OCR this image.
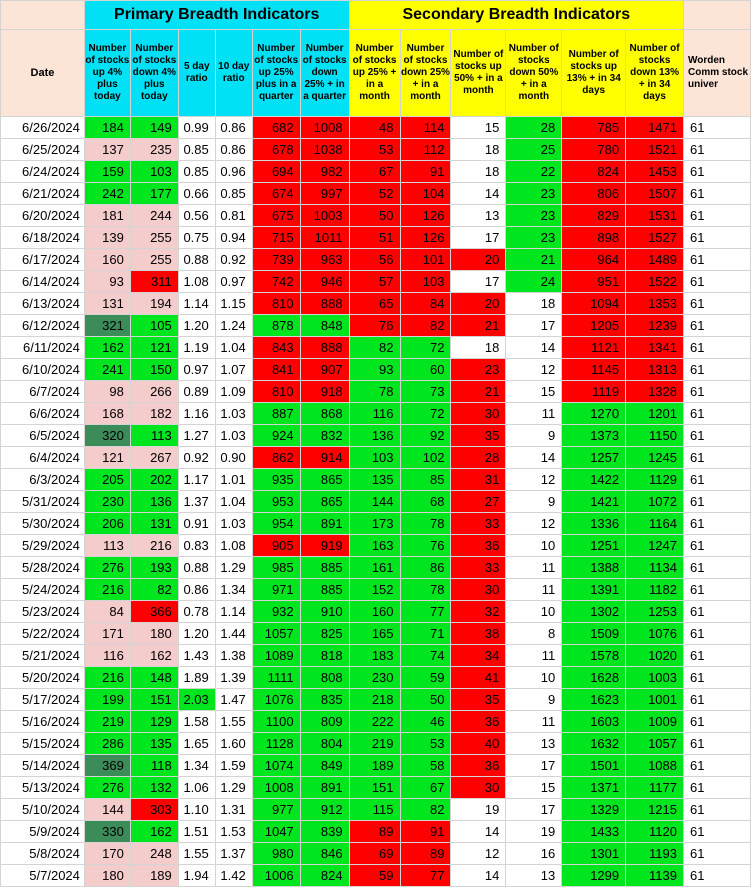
	Primary Breadth Indicators						Secondary Breadth Indicators						
Date	Number of stocks up 4% plus today	Number of stocks down 4% plus today	5 day ratio	10 day ratio	Number of stocks up 25% plus in a quarter	Number of stocks down 25% + in a quarter	Number of stocks up 25% + in a month	Number of stocks down 25% + in a month	Number of stocks up 50% + in a month	Number of stocks down 50% + in a month	Number of stocks up 13% + in 34 days	Number of stocks down 13% + in 34 days	Worden Comm stock univer
6/26/2024	184	149	0.99	0.86	682	1008	48	114	15	28	785	1471	61
6/25/2024	137	235	0.85	0.86	678	1038	53	112	18	25	780	1521	61
6/24/2024	159	103	0.85	0.96	694	982	67	91	18	22	824	1453	61
6/21/2024	242	177	0.66	0.85	674	997	52	104	14	23	806	1507	61
6/20/2024	181	244	0.56	0.81	675	1003	50	126	13	23	829	1531	61
6/18/2024	139	255	0.75	0.94	715	1011	51	126	17	23	898	1527	61
6/17/2024	160	255	0.88	0.92	739	963	56	101	20	21	964	1489	61
6/14/2024	93	311	1.08	0.97	742	946	57	103	17	24	951	1522	61
6/13/2024	131	194	1.14	1.15	810	888	65	84	20	18	1094	1353	61
6/12/2024	321	105	1.20	1.24	878	848	76	82	21	17	1205	1239	61
6/11/2024	162	121	1.19	1.04	843	888	82	72	18	14	1121	1341	61
6/10/2024	241	150	0.97	1.07	841	907	93	60	23	12	1145	1313	61
6/7/2024	98	266	0.89	1.09	810	918	78	73	21	15	1119	1328	61
6/6/2024	168	182	1.16	1.03	887	868	116	72	30	11	1270	1201	61
6/5/2024	320	113	1.27	1.03	924	832	136	92	35	9	1373	1150	61
6/4/2024	121	267	0.92	0.90	862	914	103	102	28	14	1257	1245	61
6/3/2024	205	202	1.17	1.01	935	865	135	85	31	12	1422	1129	61
5/31/2024	230	136	1.37	1.04	953	865	144	68	27	9	1421	1072	61
5/30/2024	206	131	0.91	1.03	954	891	173	78	33	12	1336	1164	61
5/29/2024	113	216	0.83	1.08	905	919	163	76	36	10	1251	1247	61
5/28/2024	276	193	0.88	1.29	985	885	161	86	33	11	1388	1134	61
5/24/2024	216	82	0.86	1.34	971	885	152	78	30	11	1391	1182	61
5/23/2024	84	366	0.78	1.14	932	910	160	77	32	10	1302	1253	61
5/22/2024	171	180	1.20	1.44	1057	825	165	71	38	8	1509	1076	61
5/21/2024	116	162	1.43	1.38	1089	818	183	74	34	11	1578	1020	61
5/20/2024	216	148	1.89	1.39	1111	808	230	59	41	10	1628	1003	61
5/17/2024	199	151	2.03	1.47	1076	835	218	50	35	9	1623	1001	61
5/16/2024	219	129	1.58	1.55	1100	809	222	46	36	11	1603	1009	61
5/15/2024	286	135	1.65	1.60	1128	804	219	53	40	13	1632	1057	61
5/14/2024	369	118	1.34	1.59	1074	849	189	58	36	17	1501	1088	61
5/13/2024	276	132	1.06	1.29	1008	891	151	67	30	15	1371	1177	61
5/10/2024	144	303	1.10	1.31	977	912	115	82	19	17	1329	1215	61
5/9/2024	330	162	1.51	1.53	1047	839	89	91	14	19	1433	1120	61
5/8/2024	170	248	1.55	1.37	980	846	69	89	12	16	1301	1193	61
5/7/2024	180	189	1.94	1.42	1006	824	59	77	14	13	1299	1139	61
